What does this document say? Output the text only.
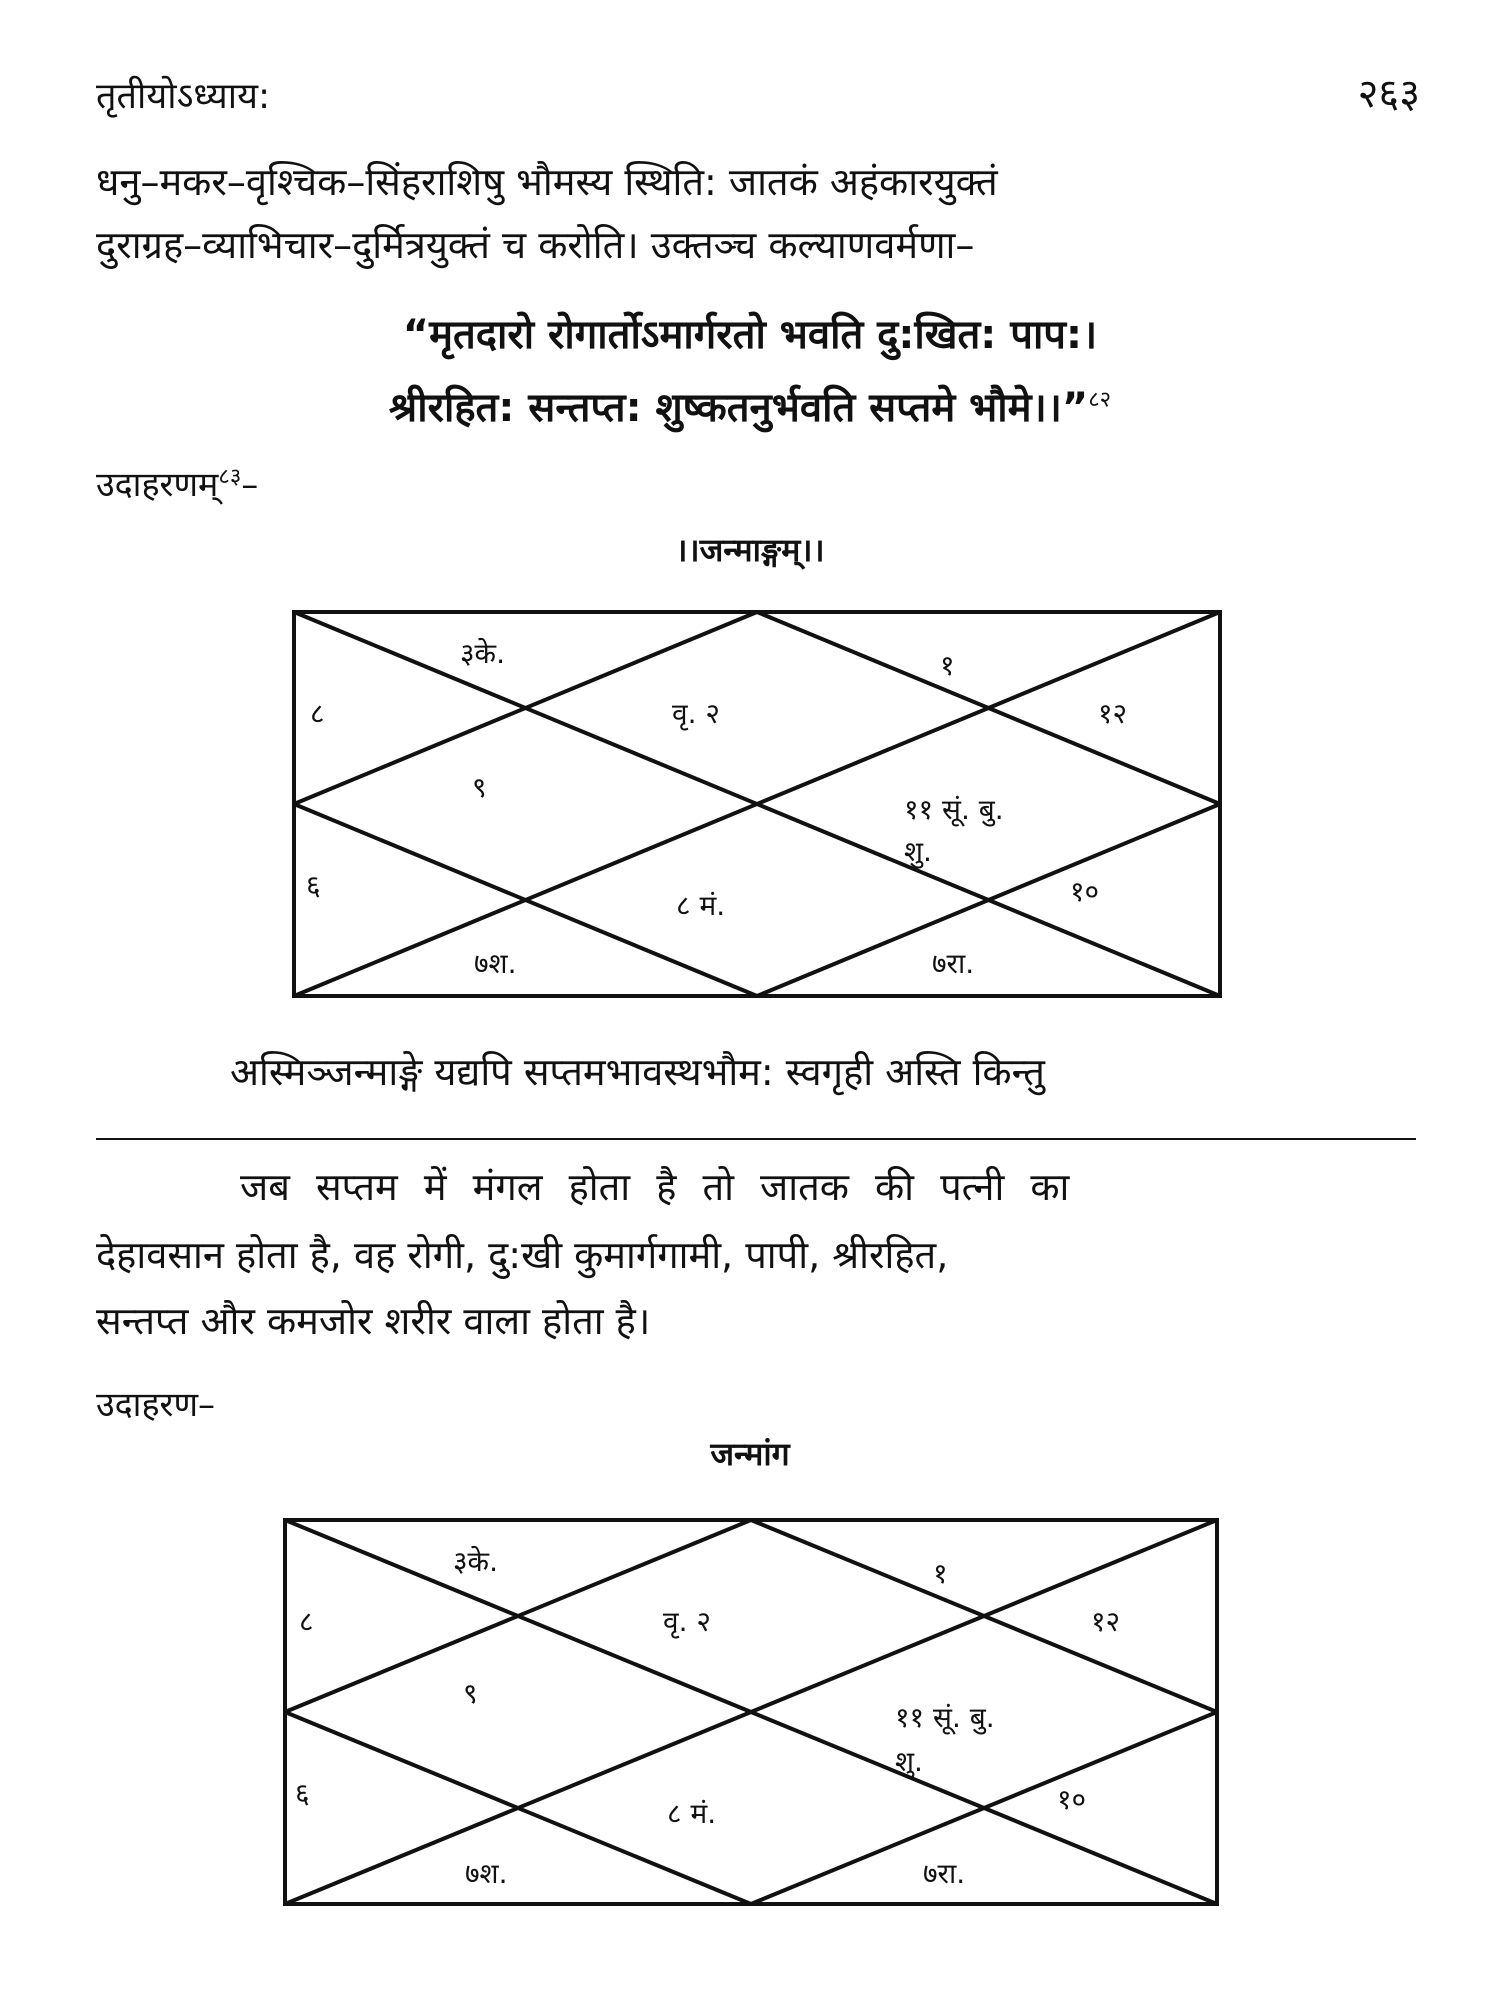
तृतीयोऽध्याय:	२६३
धनु–मकर–वृश्चिक–सिंहराशिषु भौमस्य स्थिति: जातकं अहंकारयुक्तं
दुराग्रह–व्याभिचार–दुर्मित्रयुक्तं च करोति। उक्तञ्च कल्याणवर्मणा–
“मृतदारो रोगार्तोऽमार्गरतो भवति दु:खित: पाप:।
श्रीरहित: सन्तप्त: शुष्कतनुर्भवति सप्तमे भौमे।।”$^{८२}$
उदाहरणम्$^{८३}$–
।।जन्माङ्गम्।।
३के.	१
८	वृ. २	१२
९
११ सूं. बु.
शु.
६
८ मं.	१०
७श.	७रा.
अस्मिञ्जन्माङ्गे यद्यपि सप्तमभावस्थभौम: स्वगृही अस्ति किन्तु
जब सप्तम में मंगल होता है तो जातक की पत्नी का
देहावसान होता है, वह रोगी, दु:खी कुमार्गगामी, पापी, श्रीरहित,
सन्तप्त और कमजोर शरीर वाला होता है।
उदाहरण–
जन्मांग
३के.	१
८	वृ. २	१२
९
११ सूं. बु.
शु.
६
८ मं.	१०
७श.	७रा.
